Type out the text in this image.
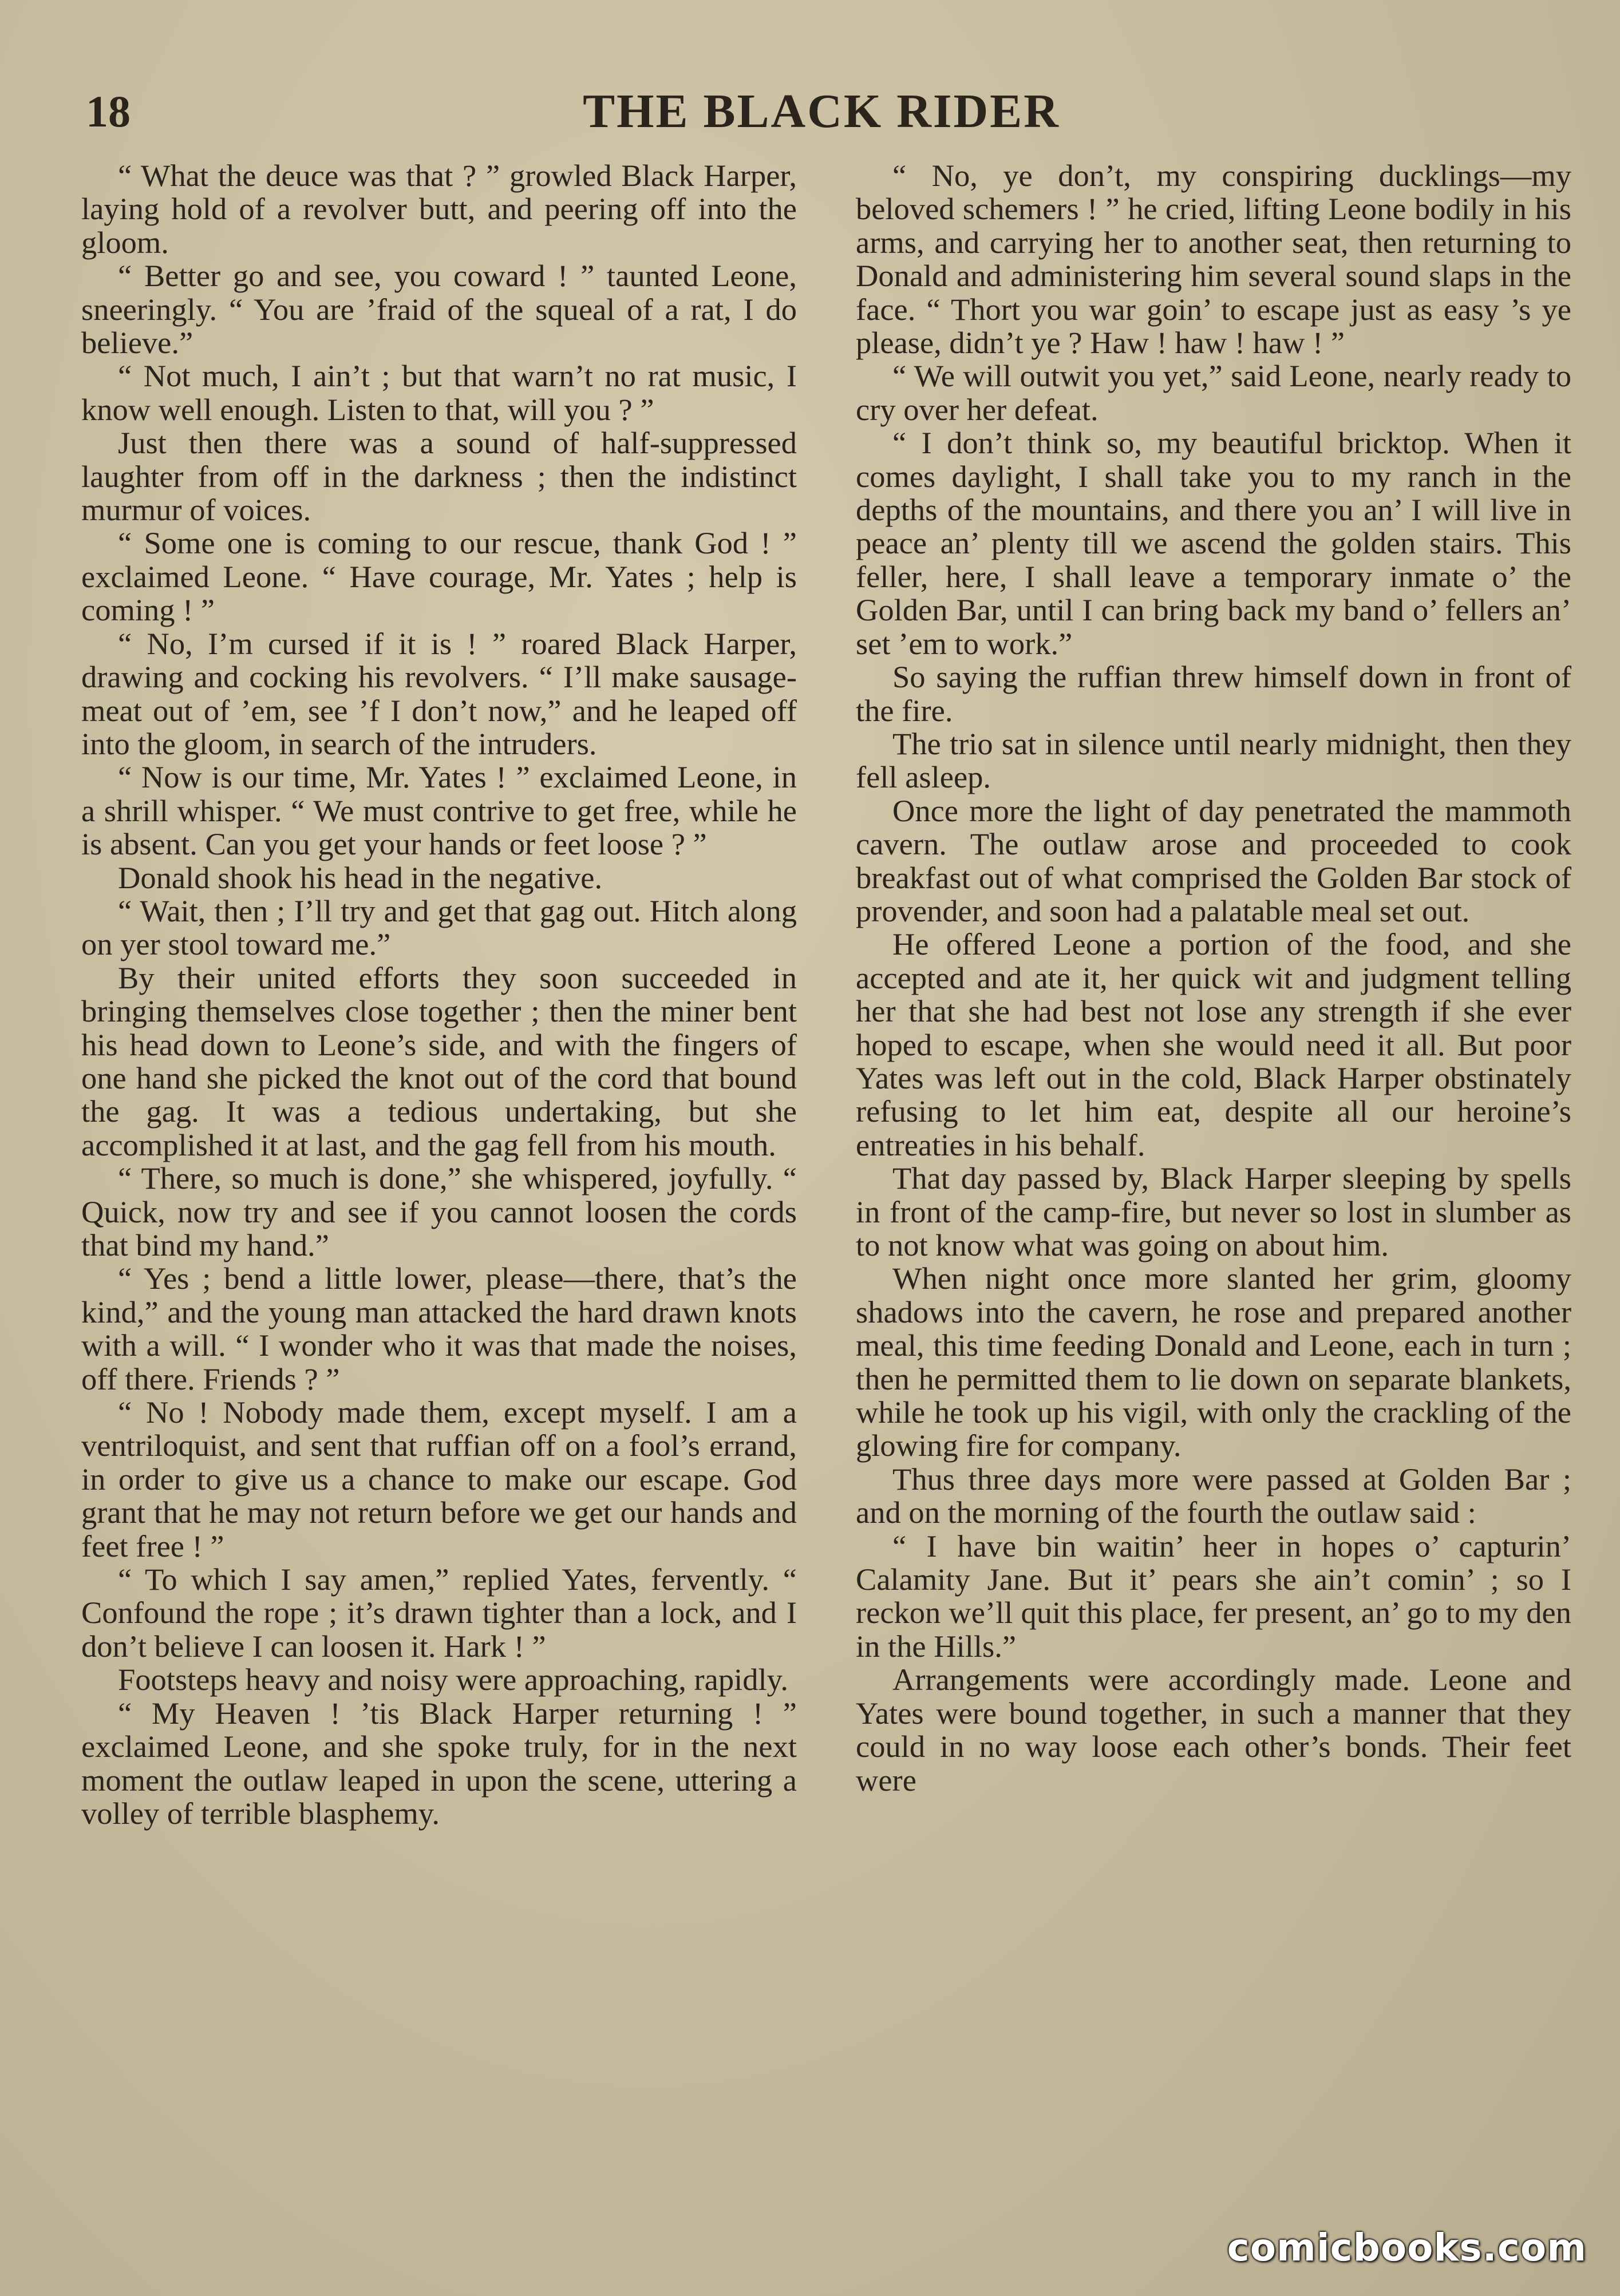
18	THE BLACK RIDER

“ What the deuce was that ? ” growled Black Harper, laying hold of a revolver butt, and peering off into the gloom.

“ Better go and see, you coward ! ” taunted Leone, sneeringly. “ You are ’fraid of the squeal of a rat, I do believe.”

“ Not much, I ain’t ; but that warn’t no rat music, I know well enough. Listen to that, will you ? ”

Just then there was a sound of half-suppressed laughter from off in the darkness ; then the indistinct murmur of voices.

“ Some one is coming to our rescue, thank God ! ” exclaimed Leone. “ Have courage, Mr. Yates ; help is coming ! ”

“ No, I’m cursed if it is ! ” roared Black Harper, drawing and cocking his revolvers. “ I’ll make sausage-meat out of ’em, see ’f I don’t now,” and he leaped off into the gloom, in search of the intruders.

“ Now is our time, Mr. Yates ! ” exclaimed Leone, in a shrill whisper. “ We must contrive to get free, while he is absent. Can you get your hands or feet loose ? ”

Donald shook his head in the negative.

“ Wait, then ; I’ll try and get that gag out. Hitch along on yer stool toward me.”

By their united efforts they soon succeeded in bringing themselves close together ; then the miner bent his head down to Leone’s side, and with the fingers of one hand she picked the knot out of the cord that bound the gag. It was a tedious undertaking, but she accomplished it at last, and the gag fell from his mouth.

“ There, so much is done,” she whispered, joyfully. “ Quick, now try and see if you cannot loosen the cords that bind my hand.”

“ Yes ; bend a little lower, please—there, that’s the kind,” and the young man attacked the hard drawn knots with a will. “ I wonder who it was that made the noises, off there. Friends ? ”

“ No ! Nobody made them, except myself. I am a ventriloquist, and sent that ruffian off on a fool’s errand, in order to give us a chance to make our escape. God grant that he may not return before we get our hands and feet free ! ”

“ To which I say amen,” replied Yates, fervently. “ Confound the rope ; it’s drawn tighter than a lock, and I don’t believe I can loosen it. Hark ! ”

Footsteps heavy and noisy were approaching, rapidly.

“ My Heaven ! ’tis Black Harper returning ! ” exclaimed Leone, and she spoke truly, for in the next moment the outlaw leaped in upon the scene, uttering a volley of terrible blasphemy.

“ No, ye don’t, my conspiring ducklings—my beloved schemers ! ” he cried, lifting Leone bodily in his arms, and carrying her to another seat, then returning to Donald and administering him several sound slaps in the face. “ Thort you war goin’ to escape just as easy ’s ye please, didn’t ye ? Haw ! haw ! haw ! ”

“ We will outwit you yet,” said Leone, nearly ready to cry over her defeat.

“ I don’t think so, my beautiful bricktop. When it comes daylight, I shall take you to my ranch in the depths of the mountains, and there you an’ I will live in peace an’ plenty till we ascend the golden stairs. This feller, here, I shall leave a temporary inmate o’ the Golden Bar, until I can bring back my band o’ fellers an’ set ’em to work.”

So saying the ruffian threw himself down in front of the fire.

The trio sat in silence until nearly midnight, then they fell asleep.

Once more the light of day penetrated the mammoth cavern. The outlaw arose and proceeded to cook breakfast out of what comprised the Golden Bar stock of provender, and soon had a palatable meal set out.

He offered Leone a portion of the food, and she accepted and ate it, her quick wit and judgment telling her that she had best not lose any strength if she ever hoped to escape, when she would need it all. But poor Yates was left out in the cold, Black Harper obstinately refusing to let him eat, despite all our heroine’s entreaties in his behalf.

That day passed by, Black Harper sleeping by spells in front of the camp-fire, but never so lost in slumber as to not know what was going on about him.

When night once more slanted her grim, gloomy shadows into the cavern, he rose and prepared another meal, this time feeding Donald and Leone, each in turn ; then he permitted them to lie down on separate blankets, while he took up his vigil, with only the crackling of the glowing fire for company.

Thus three days more were passed at Golden Bar ; and on the morning of the fourth the outlaw said :

“ I have bin waitin’ heer in hopes o’ capturin’ Calamity Jane. But it’ pears she ain’t comin’ ; so I reckon we’ll quit this place, fer present, an’ go to my den in the Hills.”

Arrangements were accordingly made. Leone and Yates were bound together, in such a manner that they could in no way loose each other’s bonds. Their feet were

comicbooks.com
